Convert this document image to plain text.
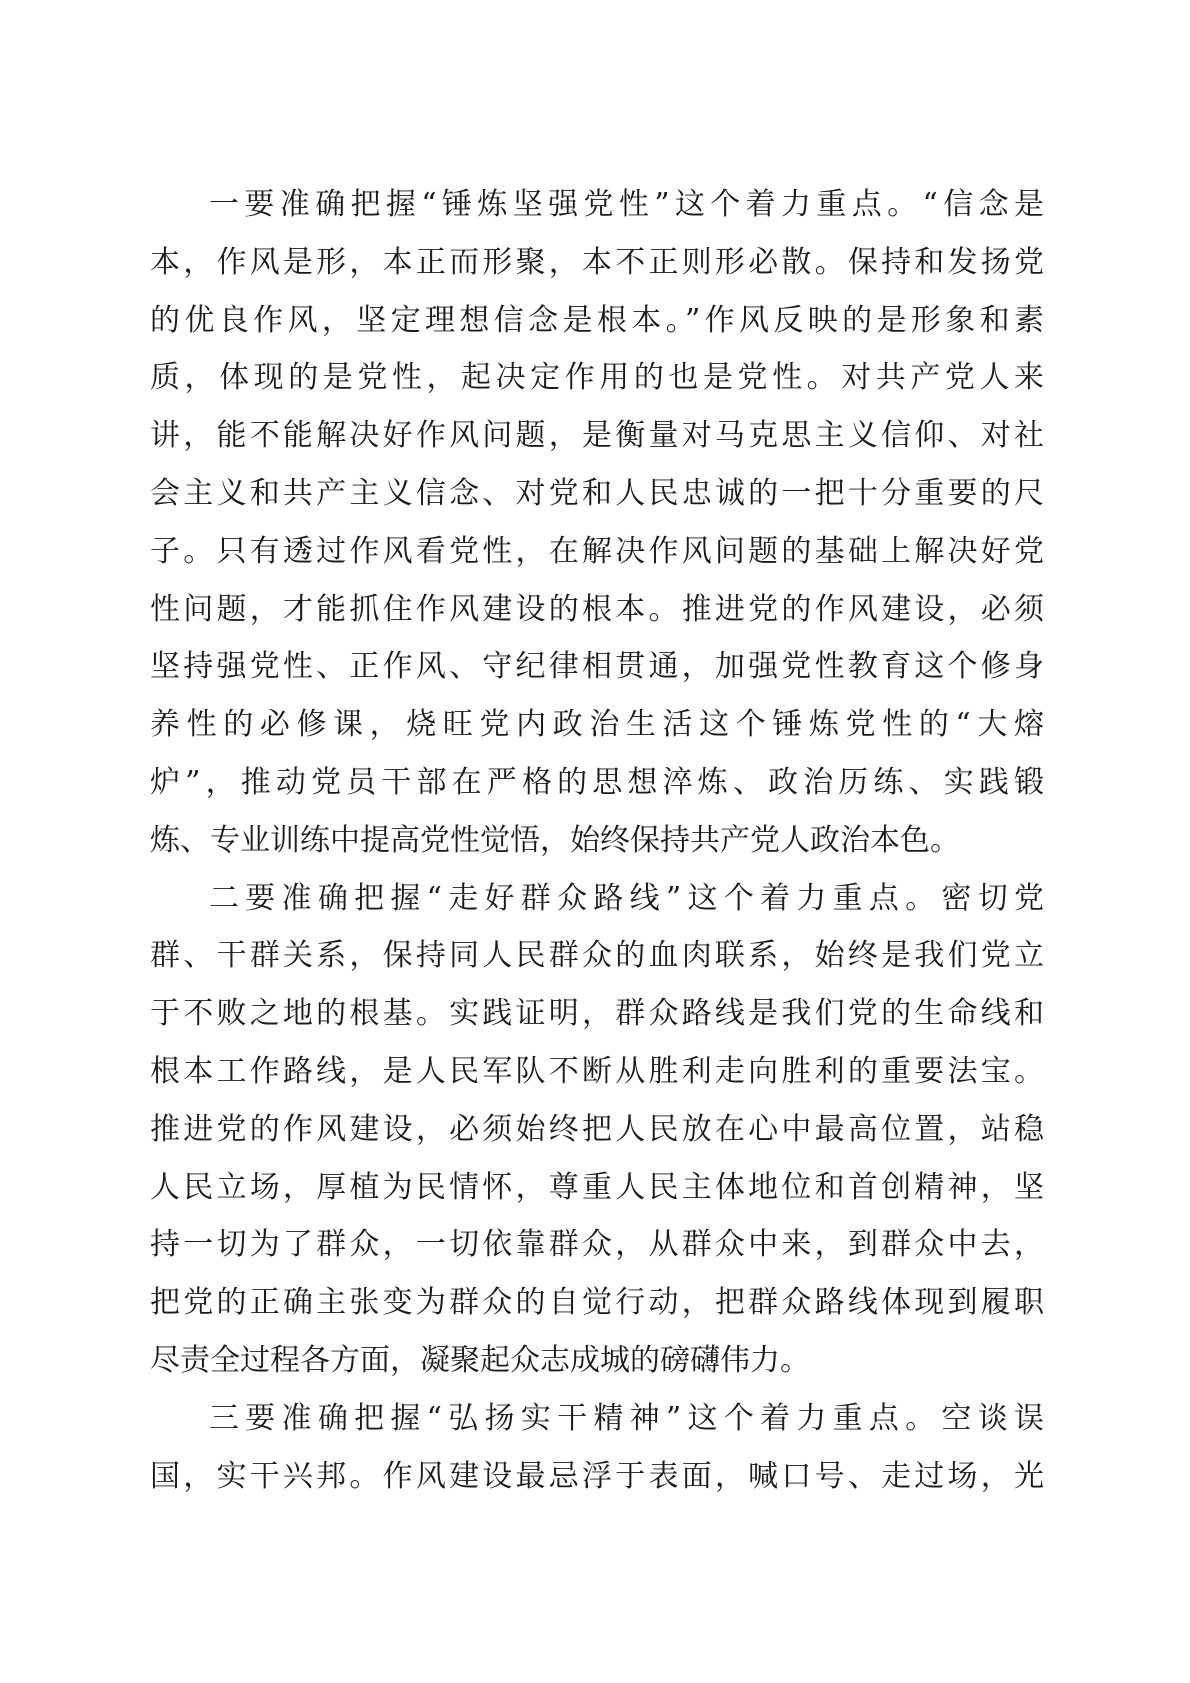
一要准确把握“锤炼坚强党性”这个着力重点。“信念是
本，作风是形，本正而形聚，本不正则形必散。保持和发扬党
的优良作风，坚定理想信念是根本。”作风反映的是形象和素
质，体现的是党性，起决定作用的也是党性。对共产党人来
讲，能不能解决好作风问题，是衡量对马克思主义信仰、对社
会主义和共产主义信念、对党和人民忠诚的一把十分重要的尺
子。只有透过作风看党性，在解决作风问题的基础上解决好党
性问题，才能抓住作风建设的根本。推进党的作风建设，必须
坚持强党性、正作风、守纪律相贯通，加强党性教育这个修身
养性的必修课，烧旺党内政治生活这个锤炼党性的“大熔
炉”，推动党员干部在严格的思想淬炼、政治历练、实践锻
炼、专业训练中提高党性觉悟，始终保持共产党人政治本色。
二要准确把握“走好群众路线”这个着力重点。密切党
群、干群关系，保持同人民群众的血肉联系，始终是我们党立
于不败之地的根基。实践证明，群众路线是我们党的生命线和
根本工作路线，是人民军队不断从胜利走向胜利的重要法宝。
推进党的作风建设，必须始终把人民放在心中最高位置，站稳
人民立场，厚植为民情怀，尊重人民主体地位和首创精神，坚
持一切为了群众，一切依靠群众，从群众中来，到群众中去，
把党的正确主张变为群众的自觉行动，把群众路线体现到履职
尽责全过程各方面，凝聚起众志成城的磅礴伟力。
三要准确把握“弘扬实干精神”这个着力重点。空谈误
国，实干兴邦。作风建设最忌浮于表面，喊口号、走过场，光
